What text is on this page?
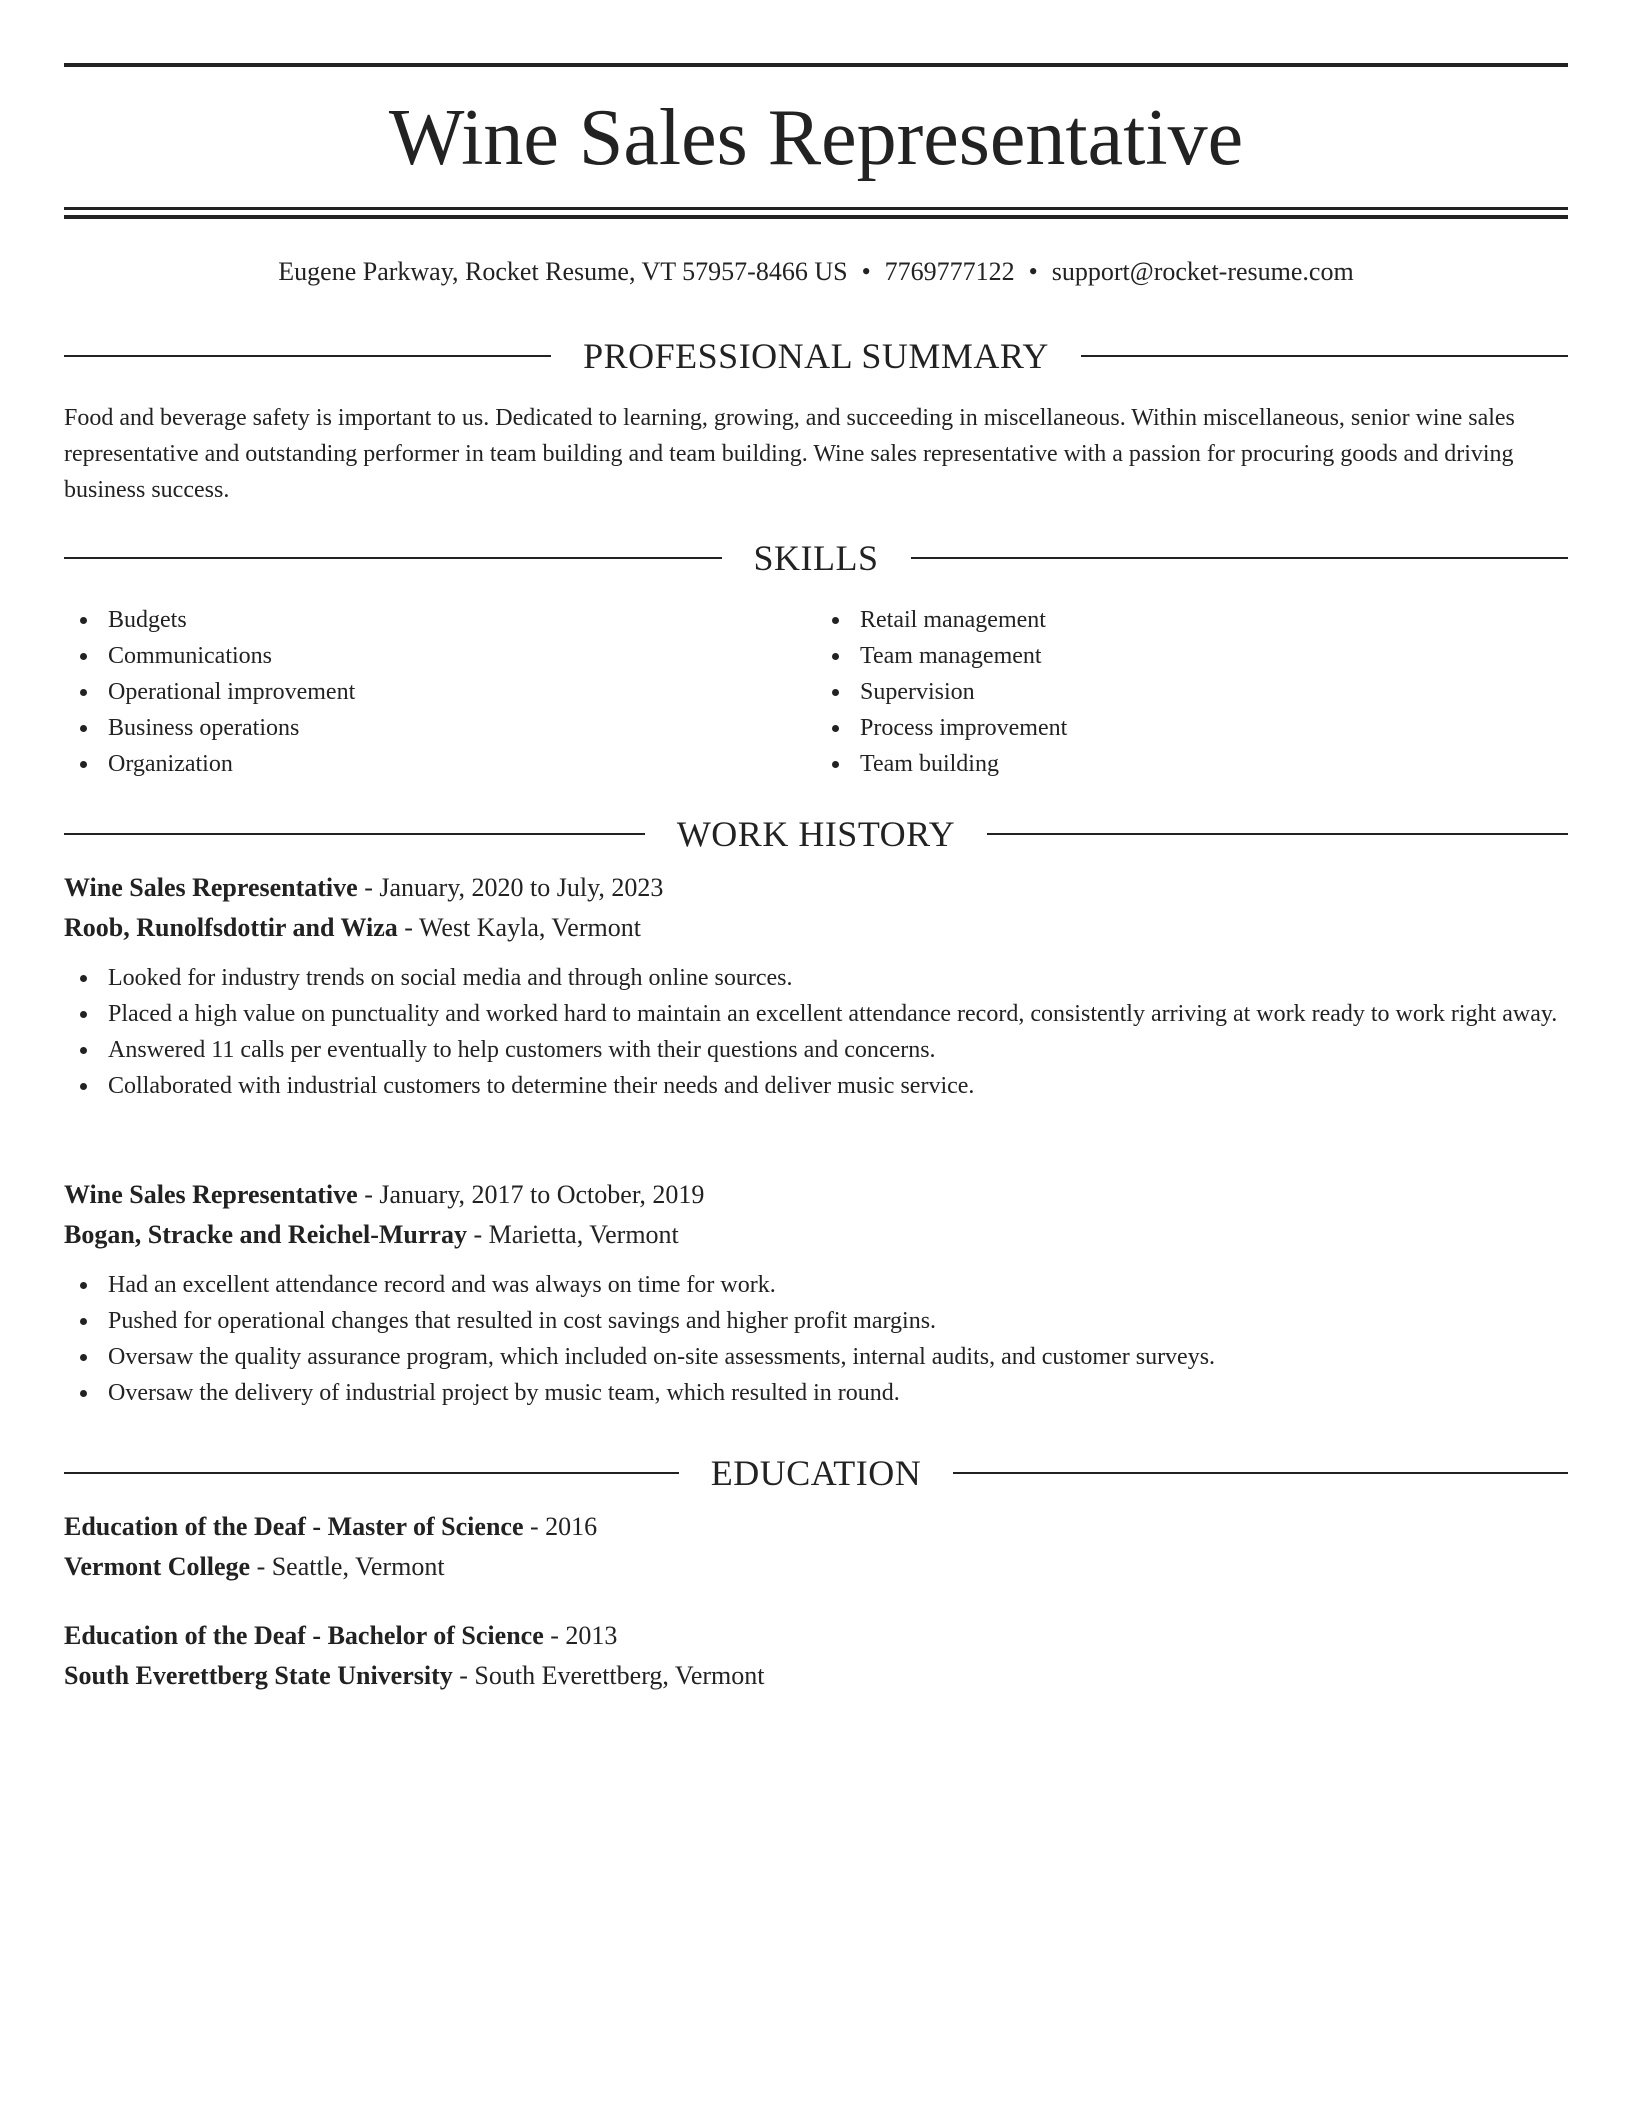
Wine Sales Representative
Eugene Parkway, Rocket Resume, VT 57957-8466 US • 7769777122 • support@rocket-resume.com
PROFESSIONAL SUMMARY

Food and beverage safety is important to us. Dedicated to learning, growing, and succeeding in miscellaneous. Within miscellaneous, senior wine sales representative and outstanding performer in team building and team building. Wine sales representative with a passion for procuring goods and driving business success.

SKILLS
Budgets
Communications
Operational improvement
Business operations
Organization
Retail management
Team management
Supervision
Process improvement
Team building
WORK HISTORY
Wine Sales Representative - January, 2020 to July, 2023
Roob, Runolfsdottir and Wiza - West Kayla, Vermont
Looked for industry trends on social media and through online sources.
Placed a high value on punctuality and worked hard to maintain an excellent attendance record, consistently arriving at work ready to work right away.
Answered 11 calls per eventually to help customers with their questions and concerns.
Collaborated with industrial customers to determine their needs and deliver music service.
Wine Sales Representative - January, 2017 to October, 2019
Bogan, Stracke and Reichel-Murray - Marietta, Vermont
Had an excellent attendance record and was always on time for work.
Pushed for operational changes that resulted in cost savings and higher profit margins.
Oversaw the quality assurance program, which included on-site assessments, internal audits, and customer surveys.
Oversaw the delivery of industrial project by music team, which resulted in round.
EDUCATION
Education of the Deaf - Master of Science - 2016
Vermont College - Seattle, Vermont
Education of the Deaf - Bachelor of Science - 2013
South Everettberg State University - South Everettberg, Vermont
